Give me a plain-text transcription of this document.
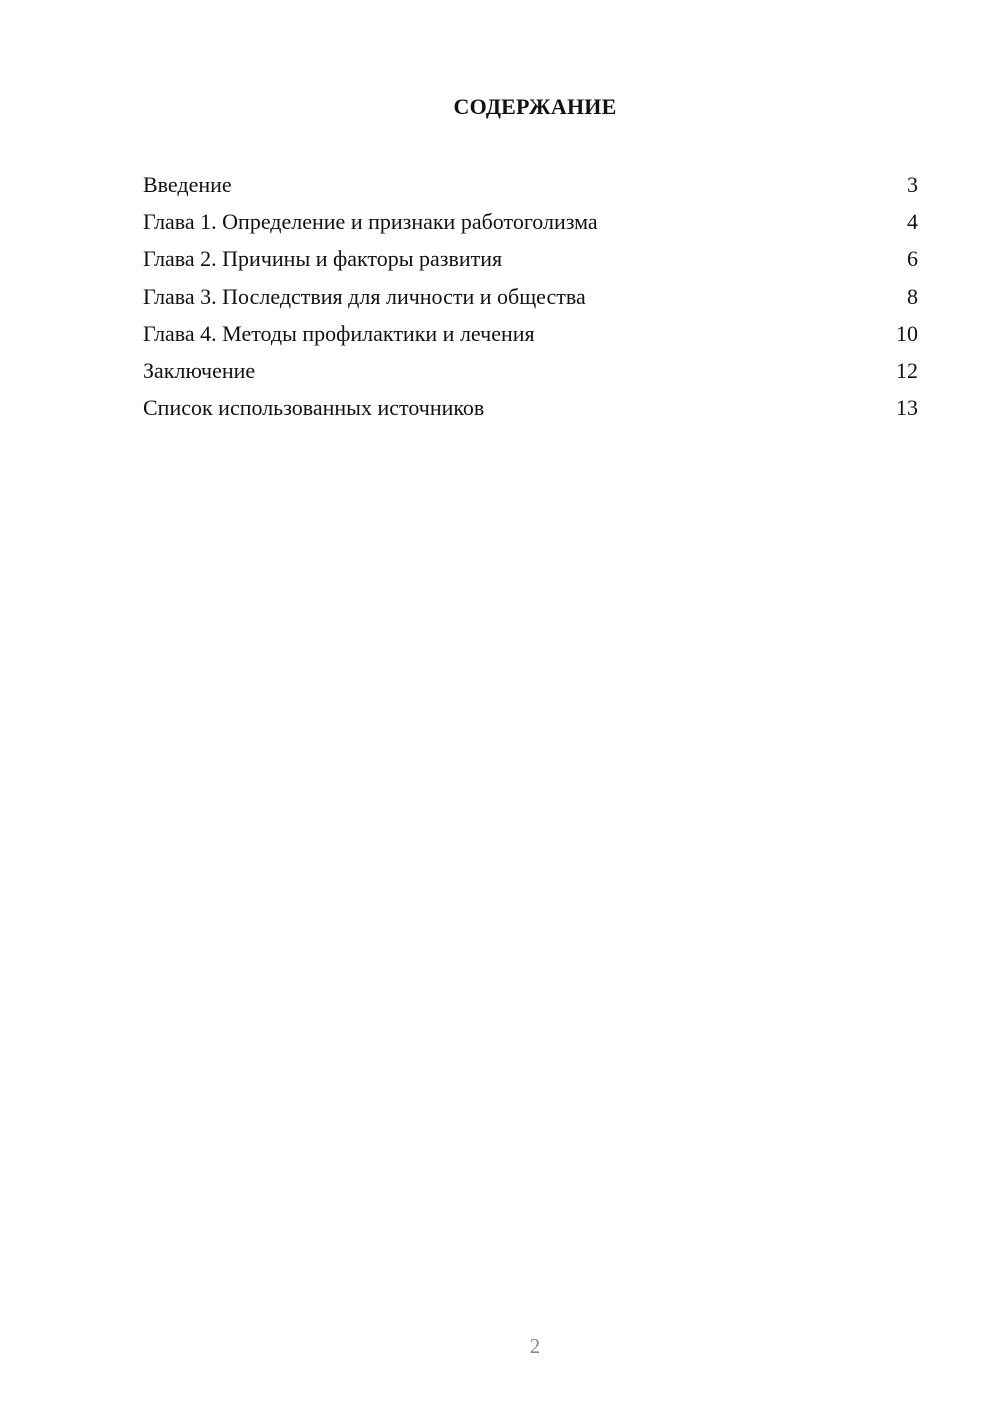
СОДЕРЖАНИЕ
Введение	3
Глава 1. Определение и признаки работоголизма	4
Глава 2. Причины и факторы развития	6
Глава 3. Последствия для личности и общества	8
Глава 4. Методы профилактики и лечения	10
Заключение	12
Список использованных источников	13
2
